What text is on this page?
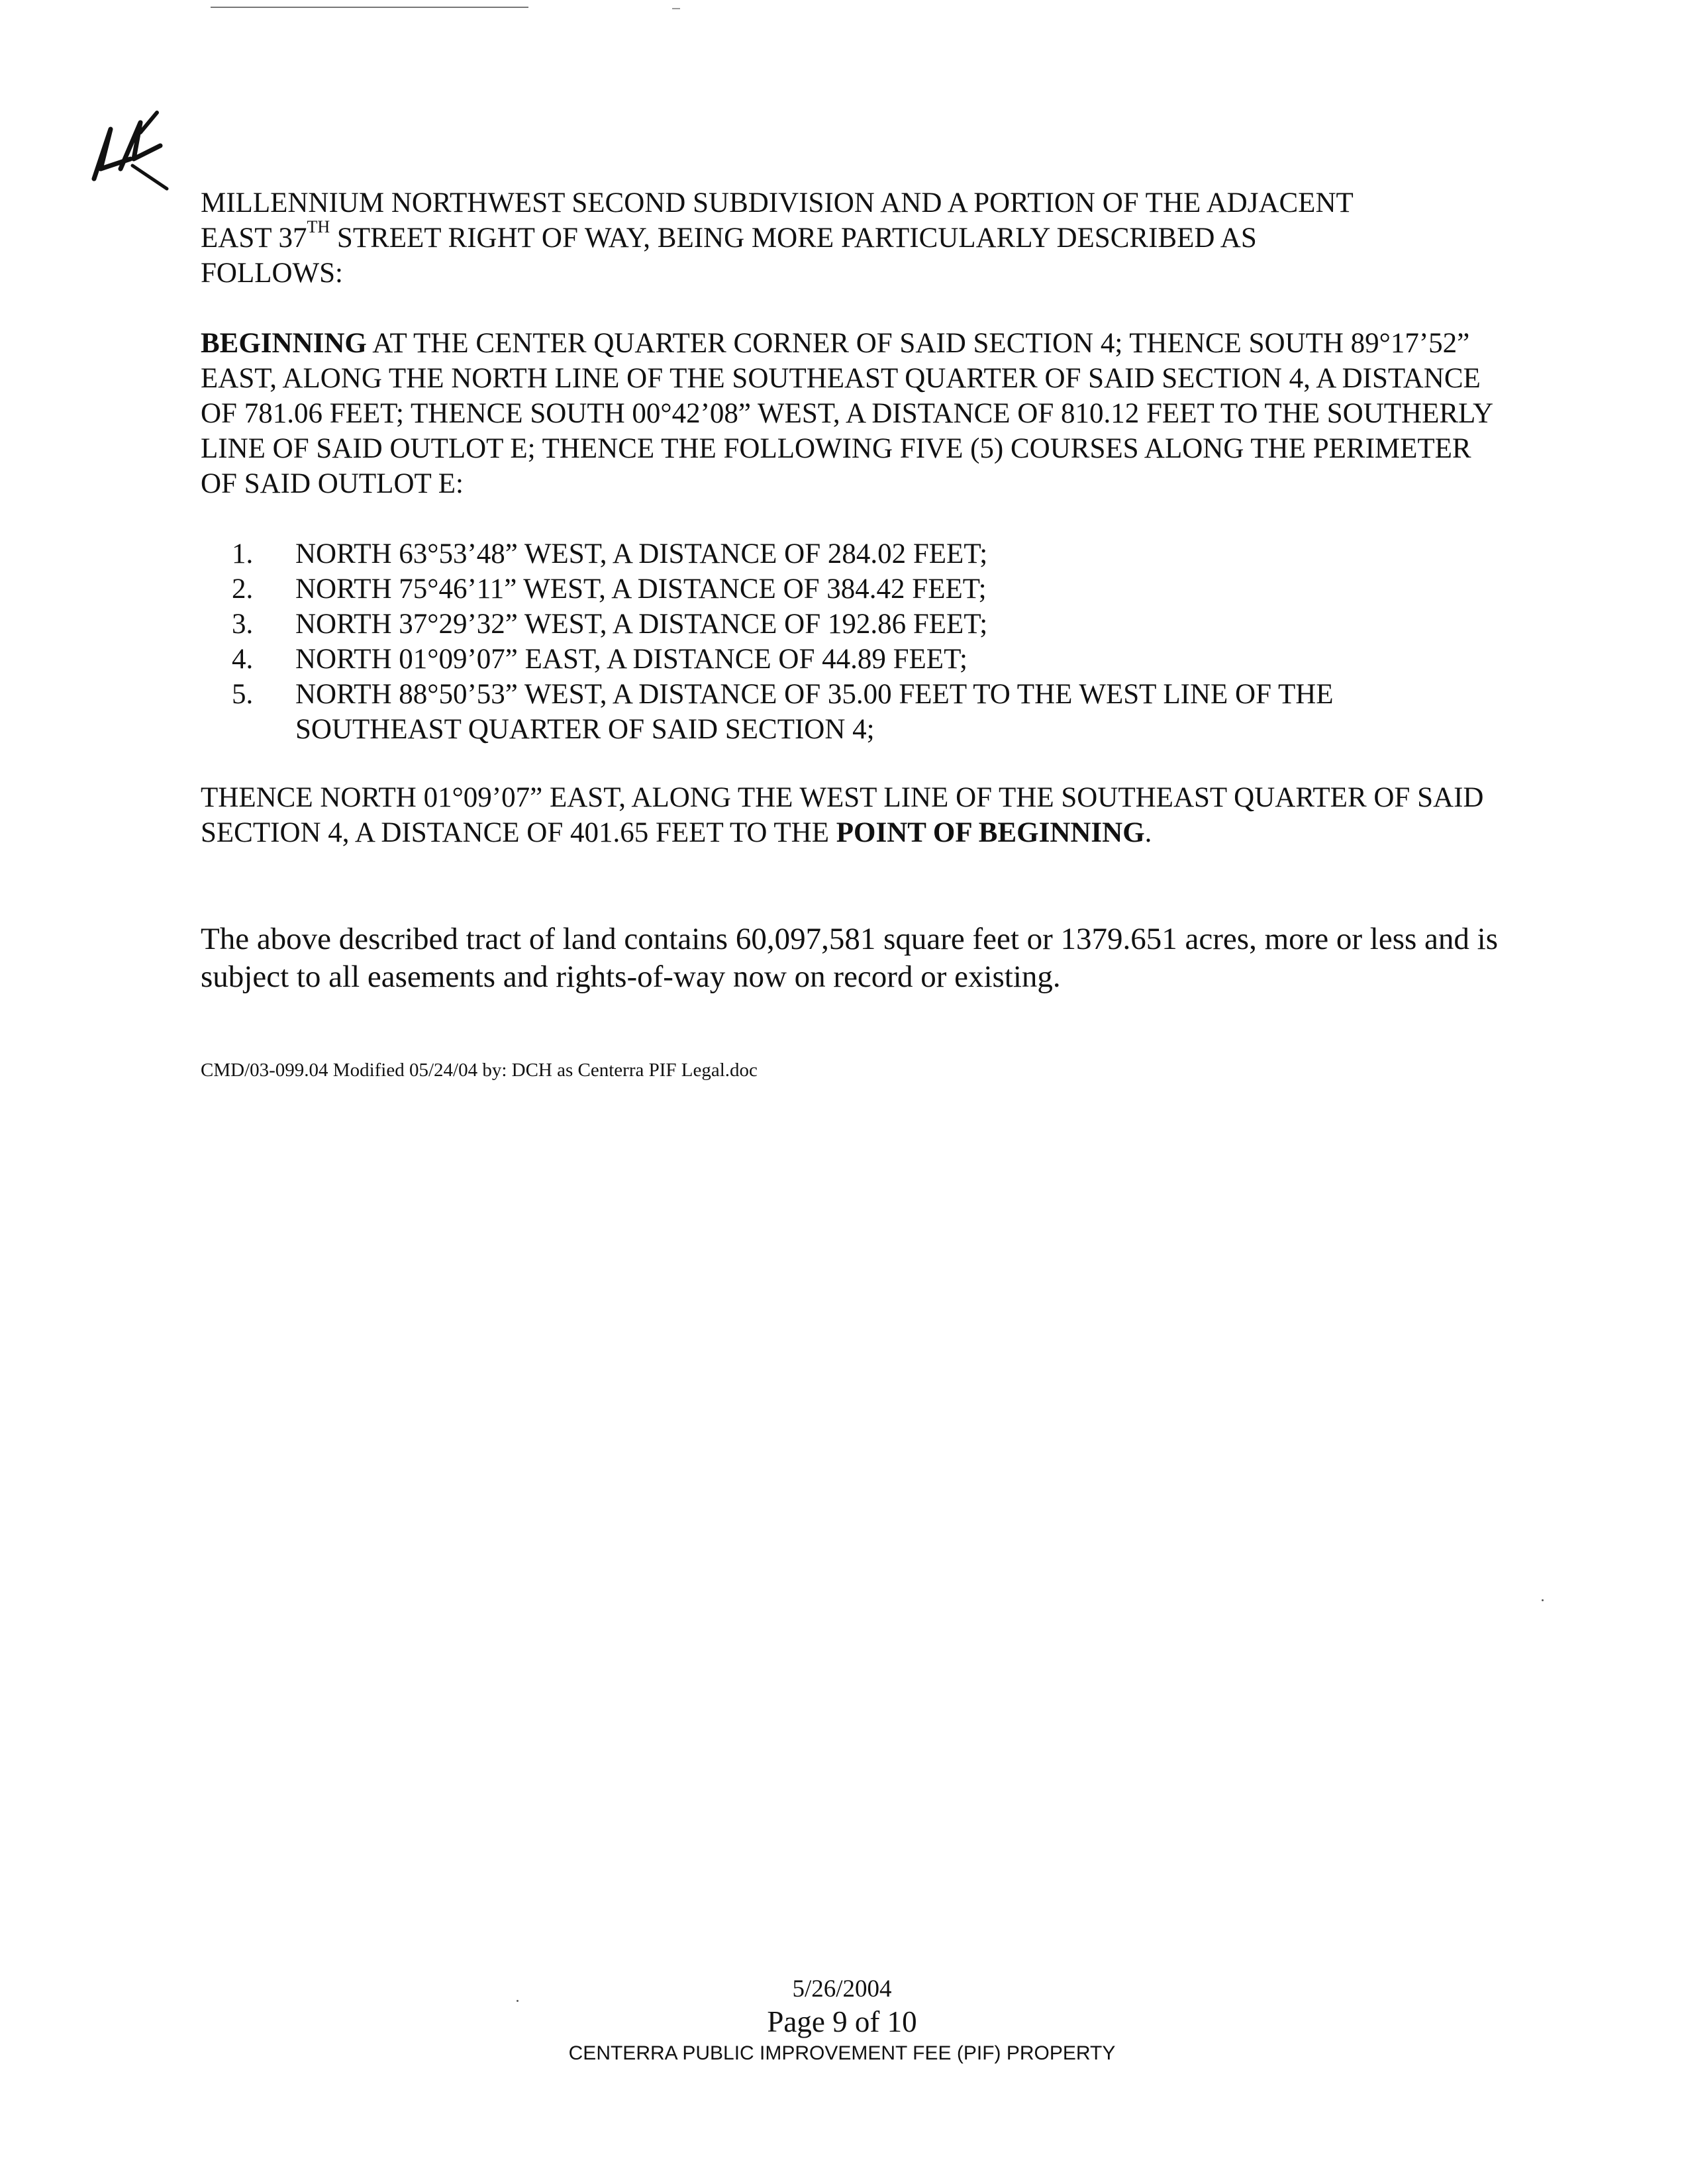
MILLENNIUM NORTHWEST SECOND SUBDIVISION AND A PORTION OF THE ADJACENT
EAST 37TH STREET RIGHT OF WAY, BEING MORE PARTICULARLY DESCRIBED AS
FOLLOWS:

BEGINNING AT THE CENTER QUARTER CORNER OF SAID SECTION 4; THENCE SOUTH 89°17’52” EAST, ALONG THE NORTH LINE OF THE SOUTHEAST QUARTER OF SAID SECTION 4, A DISTANCE OF 781.06 FEET; THENCE SOUTH 00°42’08” WEST, A DISTANCE OF 810.12 FEET TO THE SOUTHERLY LINE OF SAID OUTLOT E; THENCE THE FOLLOWING FIVE (5) COURSES ALONG THE PERIMETER OF SAID OUTLOT E:

1. NORTH 63°53’48” WEST, A DISTANCE OF 284.02 FEET;
2. NORTH 75°46’11” WEST, A DISTANCE OF 384.42 FEET;
3. NORTH 37°29’32” WEST, A DISTANCE OF 192.86 FEET;
4. NORTH 01°09’07” EAST, A DISTANCE OF 44.89 FEET;
5. NORTH 88°50’53” WEST, A DISTANCE OF 35.00 FEET TO THE WEST LINE OF THE SOUTHEAST QUARTER OF SAID SECTION 4;

THENCE NORTH 01°09’07” EAST, ALONG THE WEST LINE OF THE SOUTHEAST QUARTER OF SAID SECTION 4, A DISTANCE OF 401.65 FEET TO THE POINT OF BEGINNING.

The above described tract of land contains 60,097,581 square feet or 1379.651 acres, more or less and is subject to all easements and rights-of-way now on record or existing.

CMD/03-099.04 Modified 05/24/04 by: DCH as Centerra PIF Legal.doc

5/26/2004

Page 9 of 10

CENTERRA PUBLIC IMPROVEMENT FEE (PIF) PROPERTY
